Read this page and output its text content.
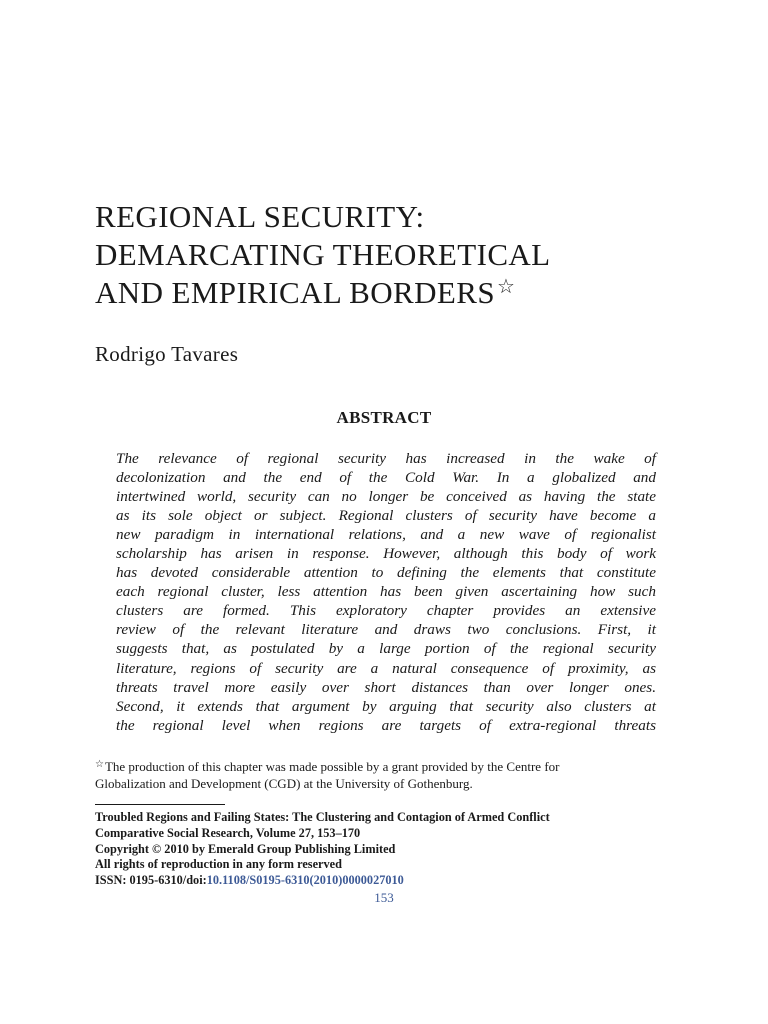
REGIONAL SECURITY:
DEMARCATING THEORETICAL
AND EMPIRICAL BORDERS ☆
Rodrigo Tavares
ABSTRACT
The relevance of regional security has increased in the wake of
decolonization and the end of the Cold War. In a globalized and
intertwined world, security can no longer be conceived as having the state
as its sole object or subject. Regional clusters of security have become a
new paradigm in international relations, and a new wave of regionalist
scholarship has arisen in response. However, although this body of work
has devoted considerable attention to defining the elements that constitute
each regional cluster, less attention has been given ascertaining how such
clusters are formed. This exploratory chapter provides an extensive
review of the relevant literature and draws two conclusions. First, it
suggests that, as postulated by a large portion of the regional security
literature, regions of security are a natural consequence of proximity, as
threats travel more easily over short distances than over longer ones.
Second, it extends that argument by arguing that security also clusters at
the regional level when regions are targets of extra-regional threats
☆The production of this chapter was made possible by a grant provided by the Centre for
Globalization and Development (CGD) at the University of Gothenburg.
Troubled Regions and Failing States: The Clustering and Contagion of Armed Conflict
Comparative Social Research, Volume 27, 153–170
Copyright © 2010 by Emerald Group Publishing Limited
All rights of reproduction in any form reserved
ISSN: 0195-6310/doi:10.1108/S0195-6310(2010)0000027010
153
